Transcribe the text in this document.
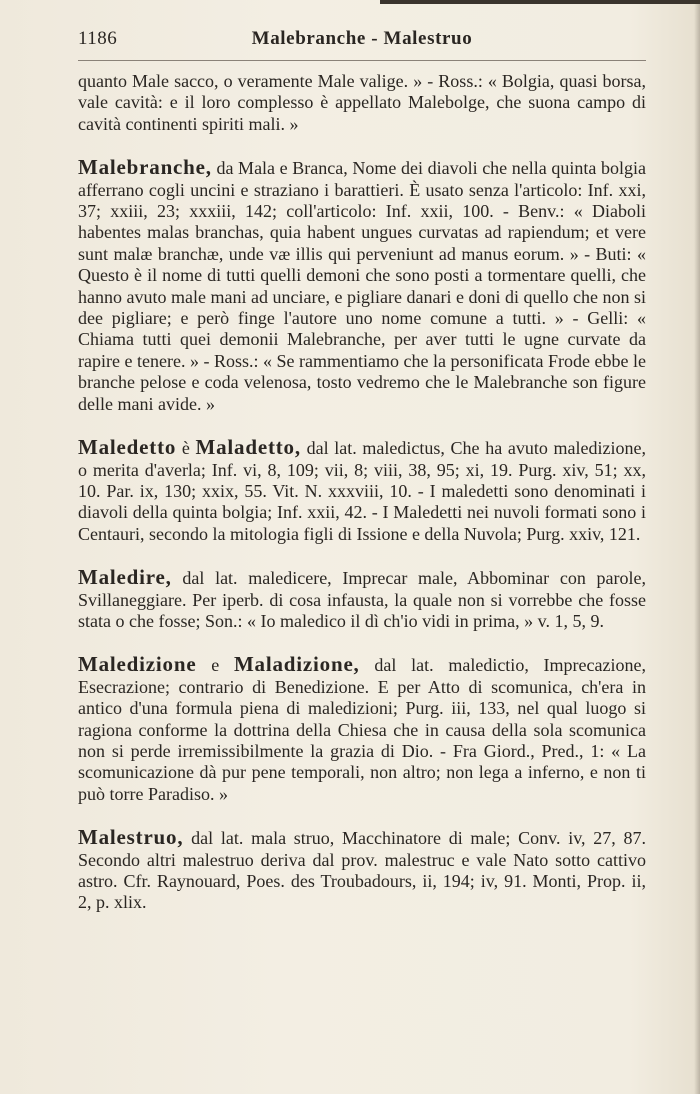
1186	Malebranche - Malestruo

quanto Male sacco, o veramente Male valige. » - Ross.: « Bolgia, quasi borsa, vale cavità: e il loro complesso è appellato Malebolge, che suona campo di cavità continenti spiriti mali. »

Malebranche, da Mala e Branca, Nome dei diavoli che nella quinta bolgia afferrano cogli uncini e straziano i barattieri. È usato senza l'articolo: Inf. xxi, 37; xxiii, 23; xxxiii, 142; coll'articolo: Inf. xxii, 100. - Benv.: « Diaboli habentes malas branchas, quia habent ungues curvatas ad rapiendum; et vere sunt malæ branchæ, unde væ illis qui perveniunt ad manus eorum. » - Buti: « Questo è il nome di tutti quelli demoni che sono posti a tormentare quelli, che hanno avuto male mani ad unciare, e pigliare danari e doni di quello che non si dee pigliare; e però finge l'autore uno nome comune a tutti. » - Gelli: « Chiama tutti quei demonii Malebranche, per aver tutti le ugne curvate da rapire e tenere. » - Ross.: « Se rammentiamo che la personificata Frode ebbe le branche pelose e coda velenosa, tosto vedremo che le Malebranche son figure delle mani avide. »

Maledetto è Maladetto, dal lat. maledictus, Che ha avuto maledizione, o merita d'averla; Inf. vi, 8, 109; vii, 8; viii, 38, 95; xi, 19. Purg. xiv, 51; xx, 10. Par. ix, 130; xxix, 55. Vit. N. xxxviii, 10. - I maledetti sono denominati i diavoli della quinta bolgia; Inf. xxii, 42. - I Maledetti nei nuvoli formati sono i Centauri, secondo la mitologia figli di Issione e della Nuvola; Purg. xxiv, 121.

Maledire, dal lat. maledicere, Imprecar male, Abbominar con parole, Svillaneggiare. Per iperb. di cosa infausta, la quale non si vorrebbe che fosse stata o che fosse; Son.: « Io maledico il dì ch'io vidi in prima, » v. 1, 5, 9.

Maledizione e Maladizione, dal lat. maledictio, Imprecazione, Esecrazione; contrario di Benedizione. E per Atto di scomunica, ch'era in antico d'una formula piena di maledizioni; Purg. iii, 133, nel qual luogo si ragiona conforme la dottrina della Chiesa che in causa della sola scomunica non si perde irremissibilmente la grazia di Dio. - Fra Giord., Pred., 1: « La scomunicazione dà pur pene temporali, non altro; non lega a inferno, e non ti può torre Paradiso. »

Malestruo, dal lat. mala struo, Macchinatore di male; Conv. iv, 27, 87. Secondo altri malestruo deriva dal prov. malestruc e vale Nato sotto cattivo astro. Cfr. Raynouard, Poes. des Troubadours, ii, 194; iv, 91. Monti, Prop. ii, 2, p. xlix.
